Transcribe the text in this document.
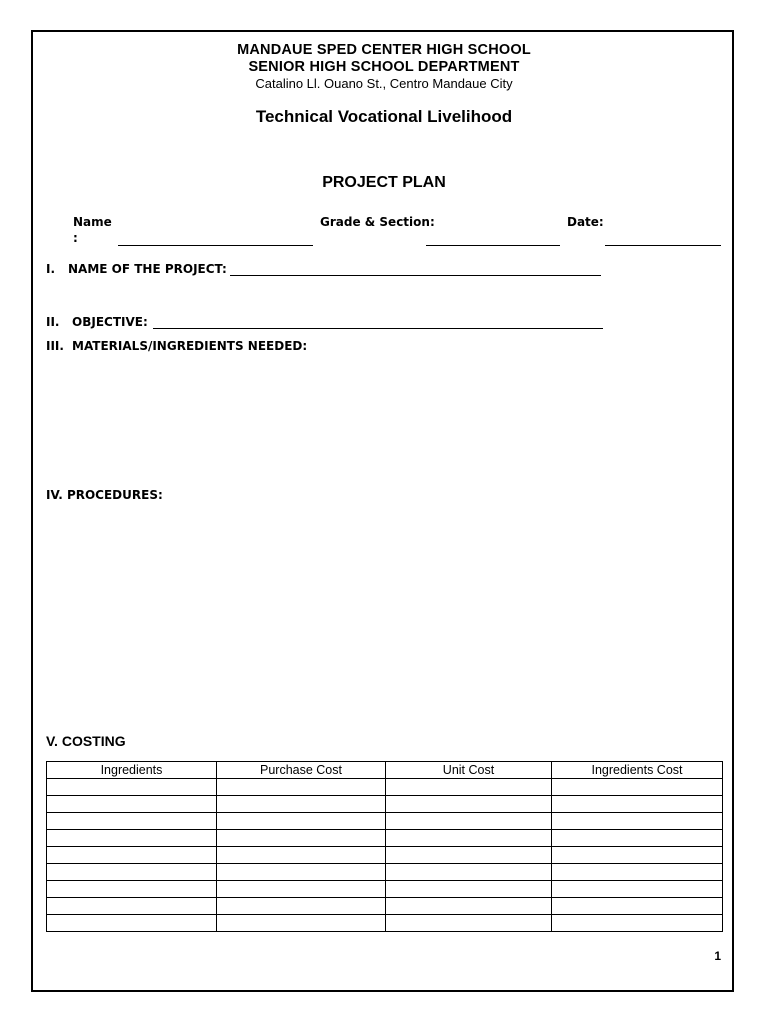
MANDAUE SPED CENTER HIGH SCHOOL
SENIOR HIGH SCHOOL DEPARTMENT
Catalino Ll. Ouano St., Centro Mandaue City
Technical Vocational Livelihood
PROJECT PLAN
Name
:
Grade & Section:	Date:
I. NAME OF THE PROJECT:
II. OBJECTIVE:
III. MATERIALS/INGREDIENTS NEEDED:
IV. PROCEDURES:
V. COSTING
Ingredients	Purchase Cost	Unit Cost	Ingredients Cost

1
